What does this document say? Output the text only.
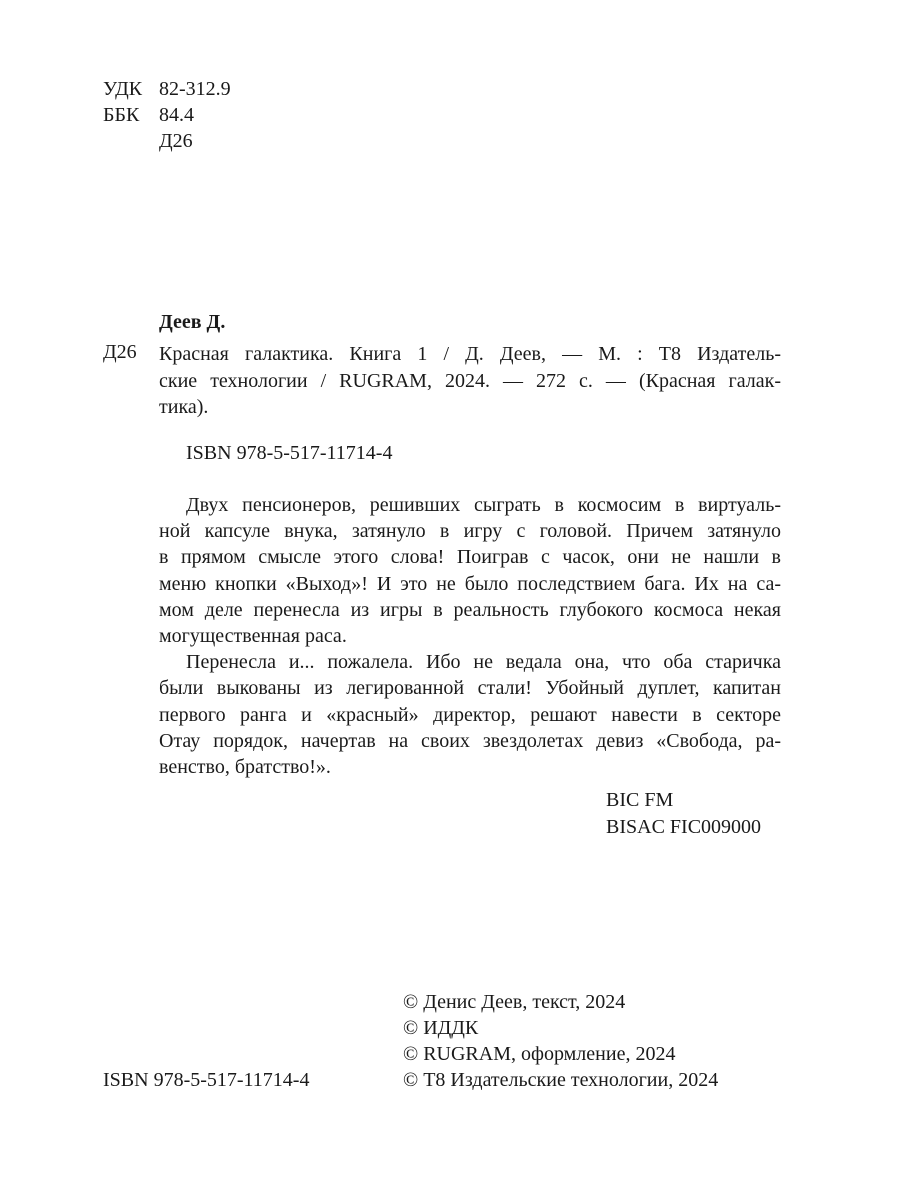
УДК 82-312.9
ББК 84.4
Д26
Деев Д.
Д26 Красная галактика. Книга 1 / Д. Деев, — М. : Т8 Издатель-
ские технологии / RUGRAM, 2024. — 272 с. — (Красная галак-
тика).
ISBN 978-5-517-11714-4
Двух пенсионеров, решивших сыграть в космосим в виртуаль-
ной капсуле внука, затянуло в игру с головой. Причем затянуло
в прямом смысле этого слова! Поиграв с часок, они не нашли в
меню кнопки «Выход»! И это не было последствием бага. Их на са-
мом деле перенесла из игры в реальность глубокого космоса некая
могущественная раса.
Перенесла и... пожалела. Ибо не ведала она, что оба старичка
были выкованы из легированной стали! Убойный дуплет, капитан
первого ранга и «красный» директор, решают навести в секторе
Отау порядок, начертав на своих звездолетах девиз «Свобода, ра-
венство, братство!».
BIC FM
BISAC FIC009000
© Денис Деев, текст, 2024
© ИДДК
© RUGRAM, оформление, 2024
© Т8 Издательские технологии, 2024
ISBN 978-5-517-11714-4
